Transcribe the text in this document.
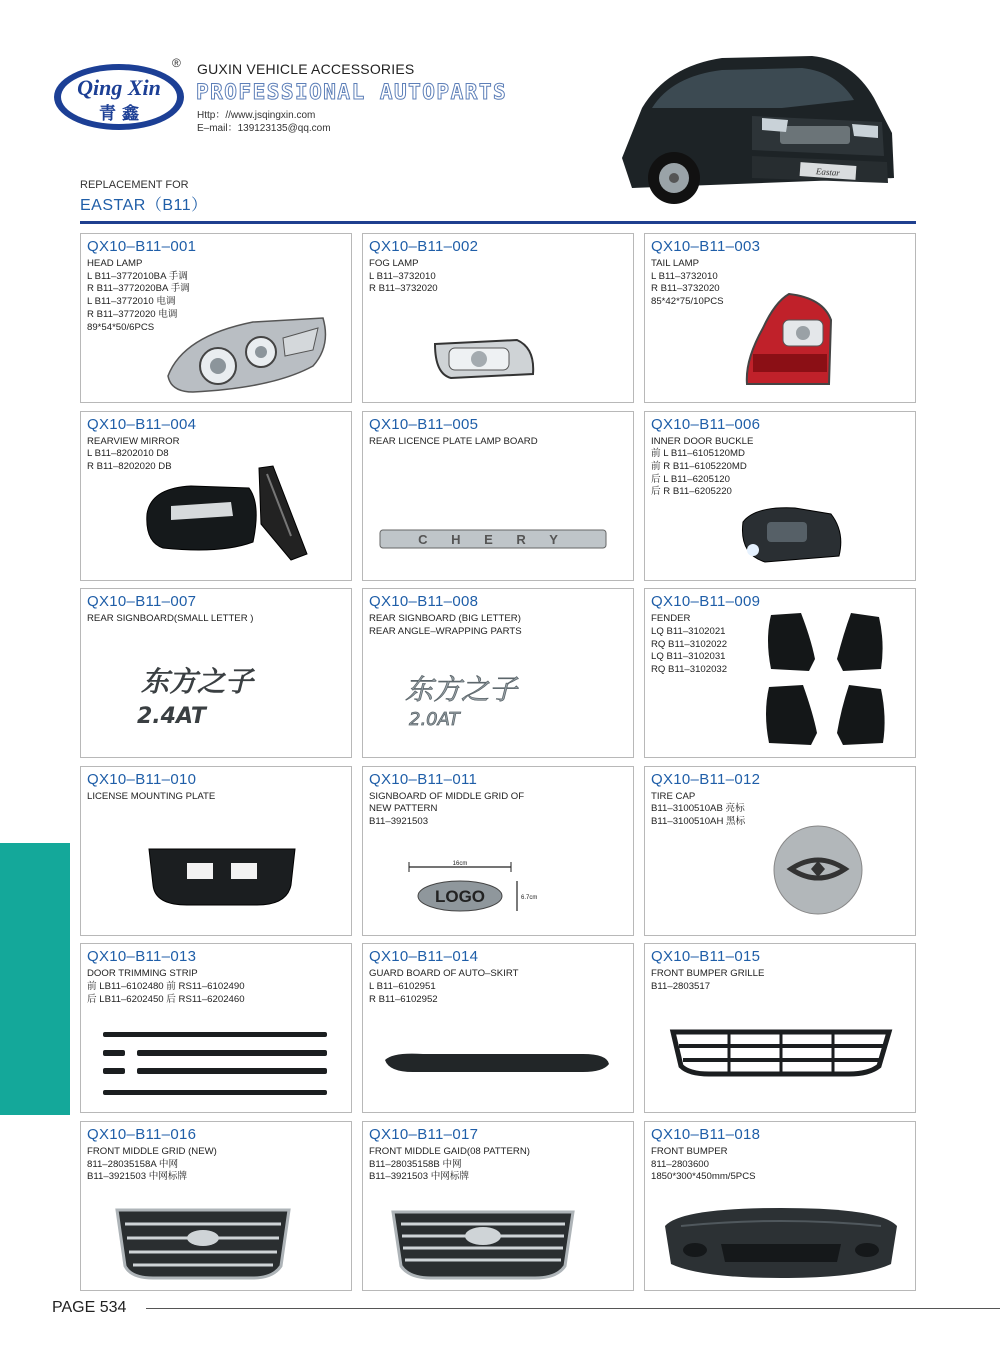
Qing Xin
青 鑫
® GUXIN VEHICLE ACCESSORIES
PROFESSIONAL AUTOPARTS
Http：//www.jsqingxin.com
E–mail：139123135@qq.com
Eastar
REPLACEMENT FOR
EASTAR（B11）
QX10–B11–001
HEAD LAMP
L B11–3772010BA 手调
R B11–3772020BA 手调
L B11–3772010 电调
R B11–3772020 电调
89*54*50/6PCS
QX10–B11–002
FOG LAMP
L B11–3732010
R B11–3732020
QX10–B11–003
TAIL LAMP
L B11–3732010
R B11–3732020
85*42*75/10PCS
QX10–B11–004
REARVIEW MIRROR
L B11–8202010 D8
R B11–8202020 DB
QX10–B11–005
REAR LICENCE PLATE LAMP BOARD
C H E R Y
QX10–B11–006
INNER DOOR BUCKLE
前 L B11–6105120MD
前 R B11–6105220MD
后 L B11–6205120
后 R B11–6205220
QX10–B11–007
REAR SIGNBOARD(SMALL LETTER )
东方之子
2.4AT
QX10–B11–008
REAR SIGNBOARD (BIG LETTER)
REAR ANGLE–WRAPPING PARTS
东方之子
2.0AT
QX10–B11–009
FENDER
LQ B11–3102021
RQ B11–3102022
LQ B11–3102031
RQ B11–3102032
QX10–B11–010
LICENSE MOUNTING PLATE
QX10–B11–011
SIGNBOARD OF MIDDLE GRID OF
NEW PATTERN
B11–3921503
16cm
6.7cm
LOGO
QX10–B11–012
TIRE CAP
B11–3100510AB 亮标
B11–3100510AH 黑标
QX10–B11–013
DOOR TRIMMING STRIP
前 LB11–6102480 前 RS11–6102490
后 LB11–6202450 后 RS11–6202460
QX10–B11–014
GUARD BOARD OF AUTO–SKIRT
L B11–6102951
R B11–6102952
QX10–B11–015
FRONT BUMPER GRILLE
B11–2803517
QX10–B11–016
FRONT MIDDLE GRID (NEW)
811–28035158A 中网
B11–3921503 中网标牌
QX10–B11–017
FRONT MIDDLE GAID(08 PATTERN)
B11–28035158B 中网
B11–3921503 中网标牌
QX10–B11–018
FRONT BUMPER
811–2803600
1850*300*450mm/5PCS
PAGE 534
